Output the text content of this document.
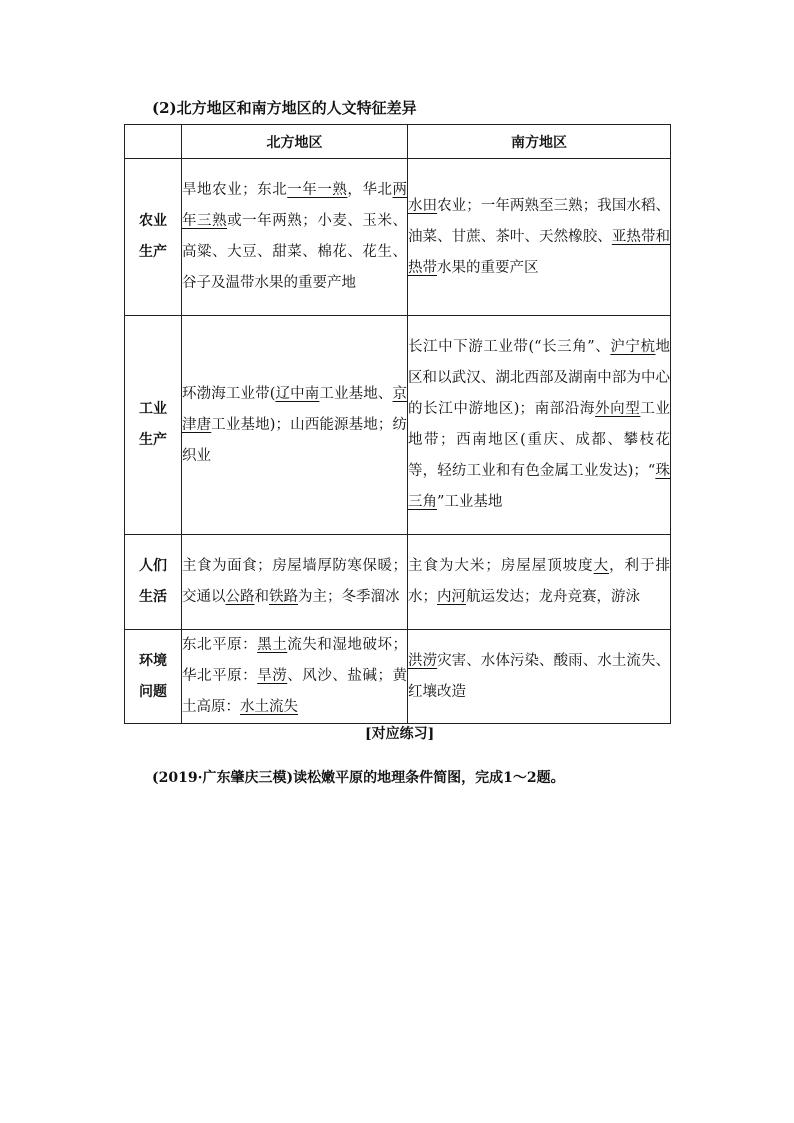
(2)北方地区和南方地区的人文特征差异
	北方地区	南方地区

农业
生产	旱地农业；东北一年一熟，华北两年三熟或一年两熟；小麦、玉米、高粱、大豆、甜菜、棉花、花生、谷子及温带水果的重要产地	水田农业；一年两熟至三熟；我国水稻、油菜、甘蔗、茶叶、天然橡胶、亚热带和热带水果的重要产区

工业
生产	环渤海工业带(辽中南工业基地、京津唐工业基地)；山西能源基地；纺织业	长江中下游工业带(“长三角”、沪宁杭地区和以武汉、湖北西部及湖南中部为中心的长江中游地区)；南部沿海外向型工业地带；西南地区(重庆、成都、攀枝花等，轻纺工业和有色金属工业发达)；“珠三角”工业基地

人们
生活	主食为面食；房屋墙厚防寒保暖；交通以公路和铁路为主；冬季溜冰	主食为大米；房屋屋顶坡度大，利于排水；内河航运发达；龙舟竞赛，游泳

环境
问题	东北平原：黑土流失和湿地破坏；华北平原：旱涝、风沙、盐碱；黄土高原：水土流失	洪涝灾害、水体污染、酸雨、水土流失、红壤改造
[对应练习]
(2019·广东肇庆三模)读松嫩平原的地理条件简图，完成1～2题。
